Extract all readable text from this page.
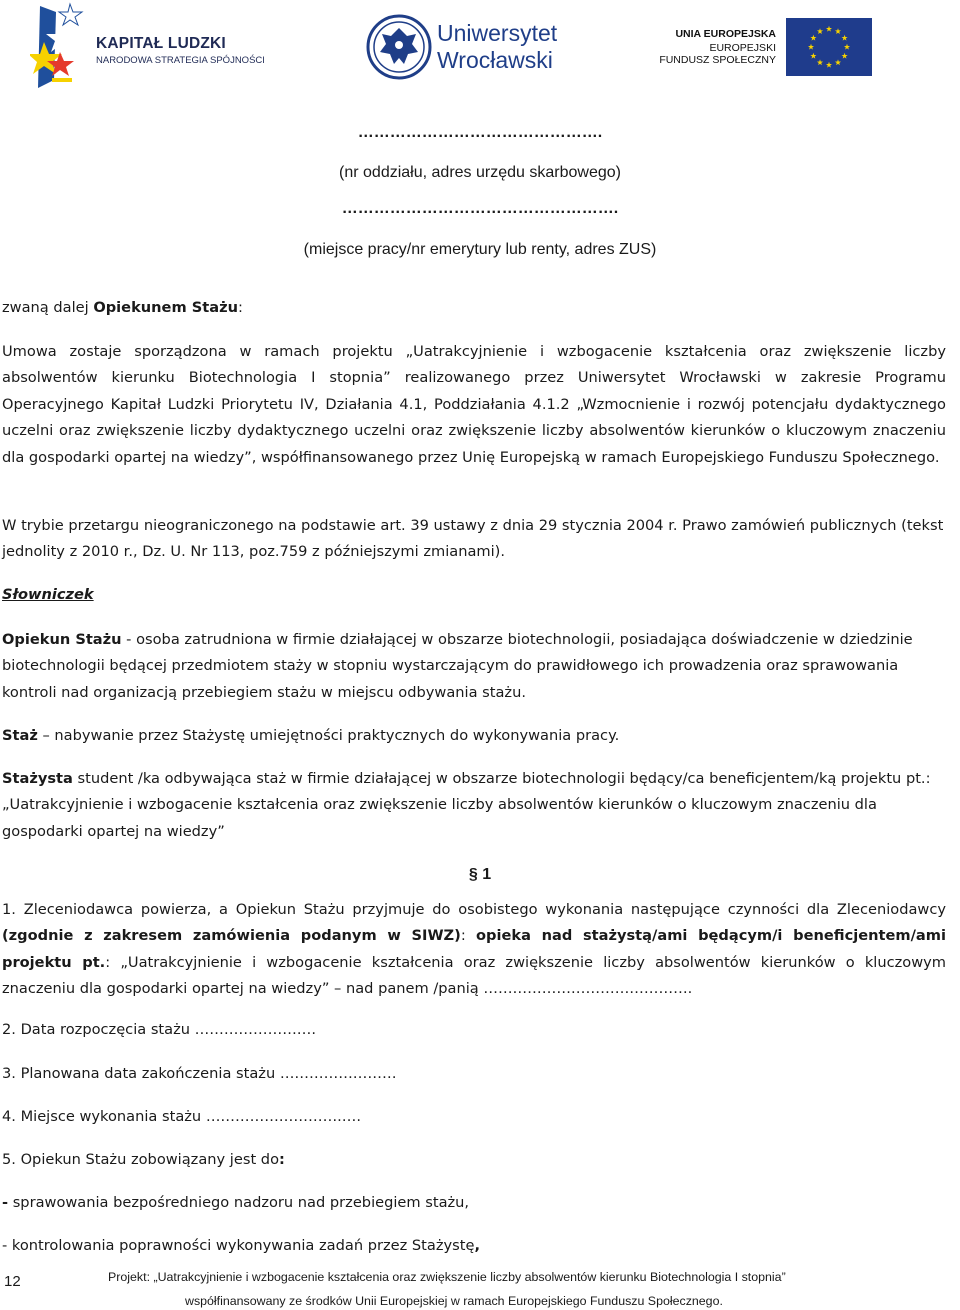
KAPITAŁ LUDZKI
NARODOWA STRATEGIA SPÓJNOŚCI
Uniwersytet
Wrocławski
UNIA EUROPEJSKA
EUROPEJSKI
FUNDUSZ SPOŁECZNY
……………………………………….
(nr oddziału, adres urzędu skarbowego)
…………………………………………….
(miejsce pracy/nr emerytury lub renty, adres ZUS)
zwaną dalej Opiekunem Stażu:
Umowa zostaje sporządzona w ramach projektu „Uatrakcyjnienie i wzbogacenie kształcenia oraz zwiększenie liczby absolwentów kierunku Biotechnologia I stopnia” realizowanego przez Uniwersytet Wrocławski w zakresie Programu Operacyjnego Kapitał Ludzki Priorytetu IV, Działania 4.1, Poddziałania 4.1.2 „Wzmocnienie i rozwój potencjału dydaktycznego uczelni oraz zwiększenie liczby dydaktycznego uczelni oraz zwiększenie liczby absolwentów kierunków o kluczowym znaczeniu dla gospodarki opartej na wiedzy”, współfinansowanego przez Unię Europejską w ramach Europejskiego Funduszu Społecznego.
W trybie przetargu nieograniczonego na podstawie art. 39 ustawy z dnia 29 stycznia 2004 r. Prawo zamówień publicznych (tekst jednolity z 2010 r., Dz. U. Nr 113, poz.759 z późniejszymi zmianami).
Słowniczek
Opiekun Stażu - osoba zatrudniona w firmie działającej w obszarze biotechnologii, posiadająca doświadczenie w dziedzinie biotechnologii będącej przedmiotem staży w stopniu wystarczającym do prawidłowego ich prowadzenia oraz sprawowania kontroli nad organizacją przebiegiem stażu w miejscu odbywania stażu.
Staż – nabywanie przez Stażystę umiejętności praktycznych do wykonywania pracy.
Stażysta student /ka odbywająca staż w firmie działającej w obszarze biotechnologii będący/ca beneficjentem/ką projektu pt.: „Uatrakcyjnienie i wzbogacenie kształcenia oraz zwiększenie liczby absolwentów kierunków o kluczowym znaczeniu dla gospodarki opartej na wiedzy”
§ 1
1. Zleceniodawca powierza, a Opiekun Stażu przyjmuje do osobistego wykonania następujące czynności dla Zleceniodawcy (zgodnie z zakresem zamówienia podanym w SIWZ): opieka nad stażystą/ami będącym/i beneficjentem/ami projektu pt.: „Uatrakcyjnienie i wzbogacenie kształcenia oraz zwiększenie liczby absolwentów kierunków o kluczowym znaczeniu dla gospodarki opartej na wiedzy” – nad panem /panią …………………………………….
2. Data rozpoczęcia stażu …………………….
3. Planowana data zakończenia stażu ……………………
4. Miejsce wykonania stażu ……………………….….
5. Opiekun Stażu zobowiązany jest do:
- sprawowania bezpośredniego nadzoru nad przebiegiem stażu,
- kontrolowania poprawności wykonywania zadań przez Stażystę,
12	Projekt: „Uatrakcyjnienie i wzbogacenie kształcenia oraz zwiększenie liczby absolwentów kierunku Biotechnologia I stopnia”
współfinansowany ze środków Unii Europejskiej w ramach Europejskiego Funduszu Społecznego.
